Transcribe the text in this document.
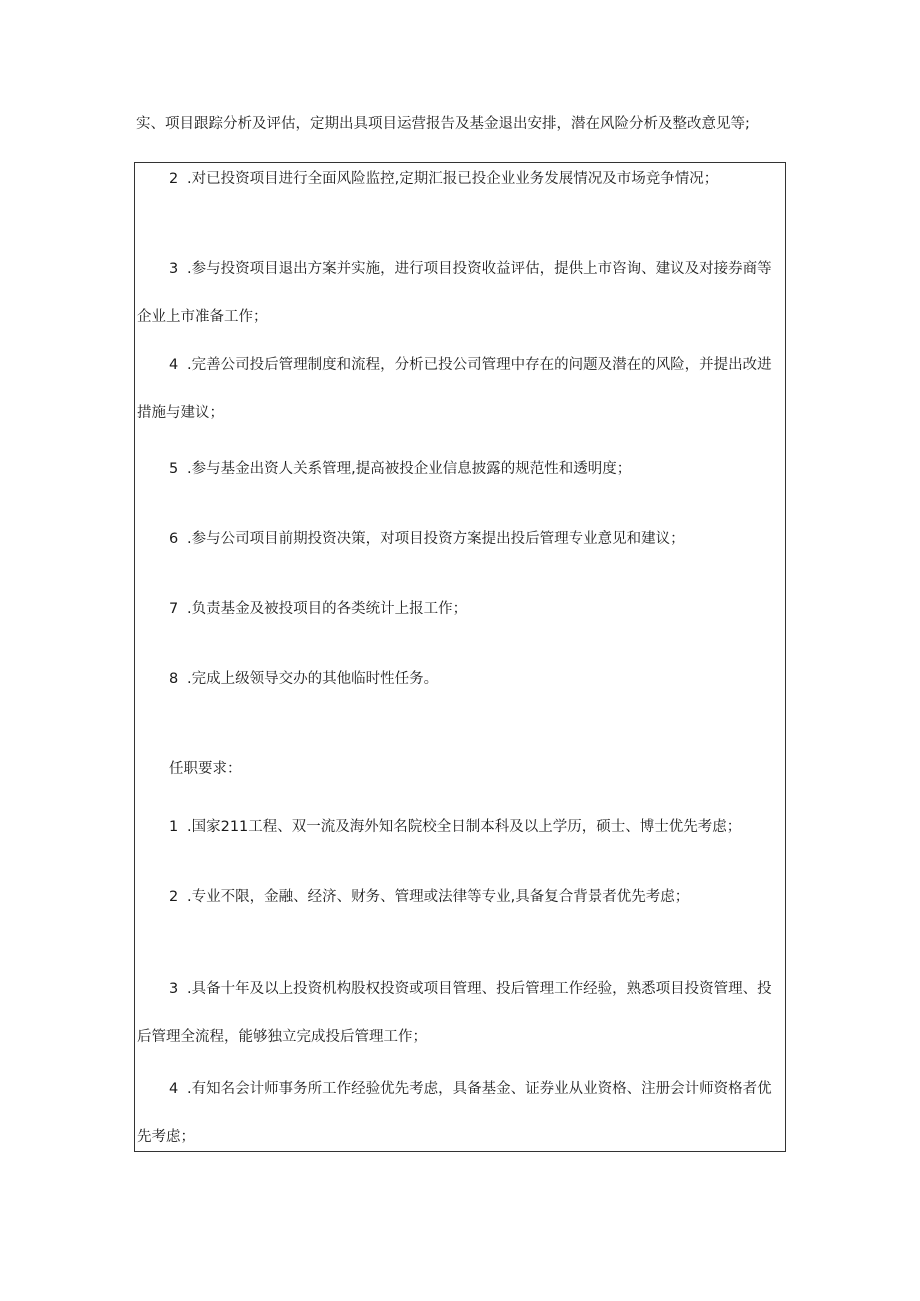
实、项目跟踪分析及评估，定期出具项目运营报告及基金退出安排，潜在风险分析及整改意见等;
2 .对已投资项目进行全面风险监控,定期汇报已投企业业务发展情况及市场竞争情况；
3 .参与投资项目退出方案并实施，进行项目投资收益评估，提供上市咨询、建议及对接券商等
企业上市准备工作；
4 .完善公司投后管理制度和流程，分析已投公司管理中存在的问题及潜在的风险，并提出改进
措施与建议；
5 .参与基金出资人关系管理,提高被投企业信息披露的规范性和透明度；
6 .参与公司项目前期投资决策，对项目投资方案提出投后管理专业意见和建议；
7 .负责基金及被投项目的各类统计上报工作；
8 .完成上级领导交办的其他临时性任务。
任职要求：
1 .国家211工程、双一流及海外知名院校全日制本科及以上学历，硕士、博士优先考虑；
2 .专业不限，金融、经济、财务、管理或法律等专业,具备复合背景者优先考虑；
3 .具备十年及以上投资机构股权投资或项目管理、投后管理工作经验，熟悉项目投资管理、投
后管理全流程，能够独立完成投后管理工作；
4 .有知名会计师事务所工作经验优先考虑，具备基金、证券业从业资格、注册会计师资格者优
先考虑；
